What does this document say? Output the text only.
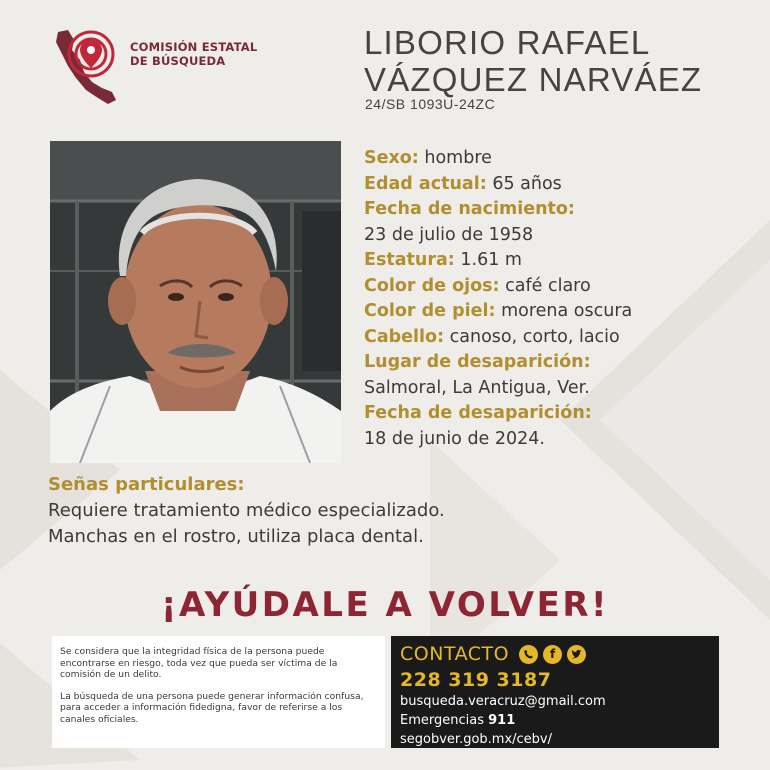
COMISIÓN ESTATAL
DE BÚSQUEDA	LIBORIO RAFAEL
VÁZQUEZ NARVÁEZ
24/SB 1093U-24ZC
Sexo: hombre
Edad actual: 65 años
Fecha de nacimiento:
23 de julio de 1958
Estatura: 1.61 m
Color de ojos: café claro
Color de piel: morena oscura
Cabello: canoso, corto, lacio
Lugar de desaparición:
Salmoral, La Antigua, Ver.
Fecha de desaparición:
18 de junio de 2024.
Señas particulares:
Requiere tratamiento médico especializado.
Manchas en el rostro, utiliza placa dental.
¡AYÚDALE A VOLVER!

Se considera que la integridad física de la persona puede encontrarse en riesgo, toda vez que pueda ser víctima de la comisión de un delito.

La búsqueda de una persona puede generar información confusa, para acceder a información fidedigna, favor de referirse a los canales oficiales.

CONTACTO	f
228 319 3187
busqueda.veracruz@gmail.com
Emergencias 911
segobver.gob.mx/cebv/
